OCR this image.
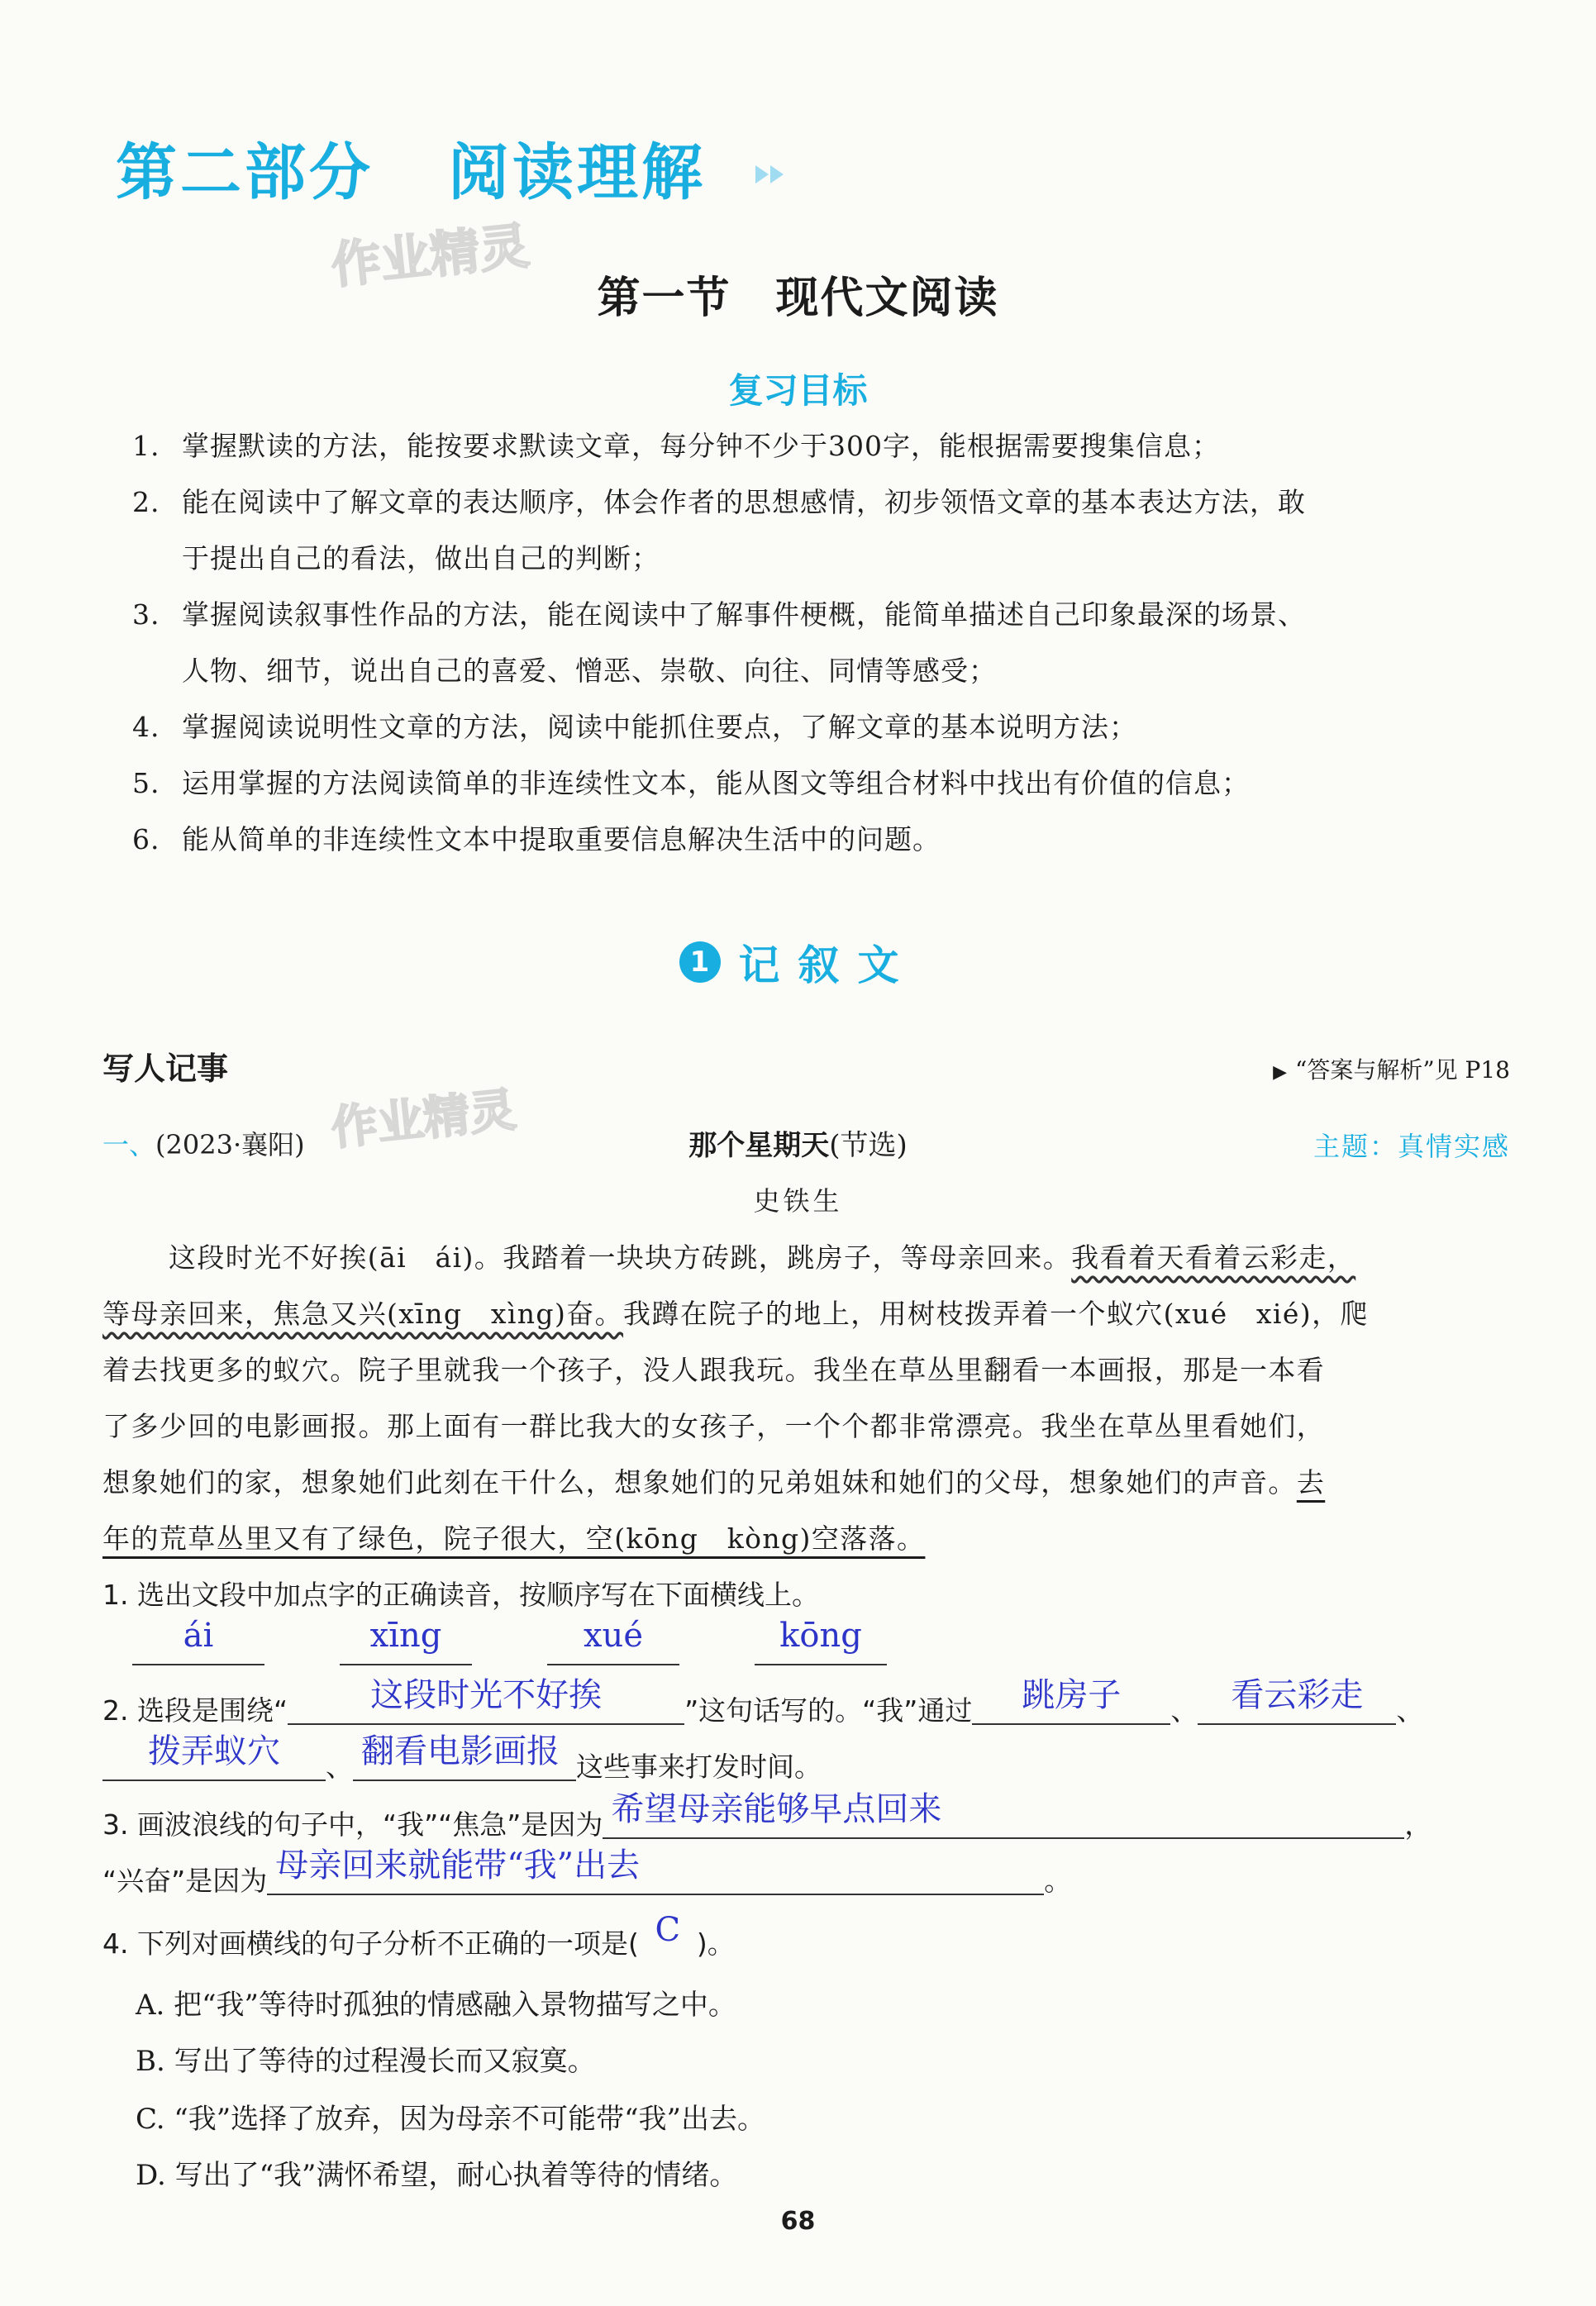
第二部分 阅读理解
作业精灵
第一节　现代文阅读
复习目标
1. 掌握默读的方法，能按要求默读文章，每分钟不少于300字，能根据需要搜集信息；
2. 能在阅读中了解文章的表达顺序，体会作者的思想感情，初步领悟文章的基本表达方法，敢
于提出自己的看法，做出自己的判断；
3. 掌握阅读叙事性作品的方法，能在阅读中了解事件梗概，能简单描述自己印象最深的场景、
人物、细节，说出自己的喜爱、憎恶、崇敬、向往、同情等感受；
4. 掌握阅读说明性文章的方法，阅读中能抓住要点，了解文章的基本说明方法；
5. 运用掌握的方法阅读简单的非连续性文本，能从图文等组合材料中找出有价值的信息；
6. 能从简单的非连续性文本中提取重要信息解决生活中的问题。
1 记叙文
写人记事	▶ “答案与解析”见 P18
作业精灵
一、(2023·襄阳)	那个星期天(节选)	主题：真情实感
史铁生
这段时光不好挨(āi　ái)。我踏着一块块方砖跳，跳房子，等母亲回来。我看着天看着云彩走，
等母亲回来，焦急又兴(xīng　xìng)奋。我蹲在院子的地上，用树枝拨弄着一个蚁穴(xué　xié)，爬
着去找更多的蚁穴。院子里就我一个孩子，没人跟我玩。我坐在草丛里翻看一本画报，那是一本看
了多少回的电影画报。那上面有一群比我大的女孩子，一个个都非常漂亮。我坐在草丛里看她们，
想象她们的家，想象她们此刻在干什么，想象她们的兄弟姐妹和她们的父母，想象她们的声音。去
年的荒草丛里又有了绿色，院子很大，空(kōng　kòng)空落落。
1. 选出文段中加点字的正确读音，按顺序写在下面横线上。
ái
	xīng
	xué
	kōng
2. 选段是围绕“	这段时光不好挨	”这句话写的。“我”通过	跳房子	、	看云彩走	、
拨弄蚁穴	、 翻看电影画报 这些事来打发时间。
3. 画波浪线的句子中，“我”“焦急”是因为 希望母亲能够早点回来	，
“兴奋”是因为 母亲回来就能带“我”出去	。
4. 下列对画横线的句子分析不正确的一项是( C )。
A. 把“我”等待时孤独的情感融入景物描写之中。
B. 写出了等待的过程漫长而又寂寞。
C. “我”选择了放弃，因为母亲不可能带“我”出去。
D. 写出了“我”满怀希望，耐心执着等待的情绪。
68
